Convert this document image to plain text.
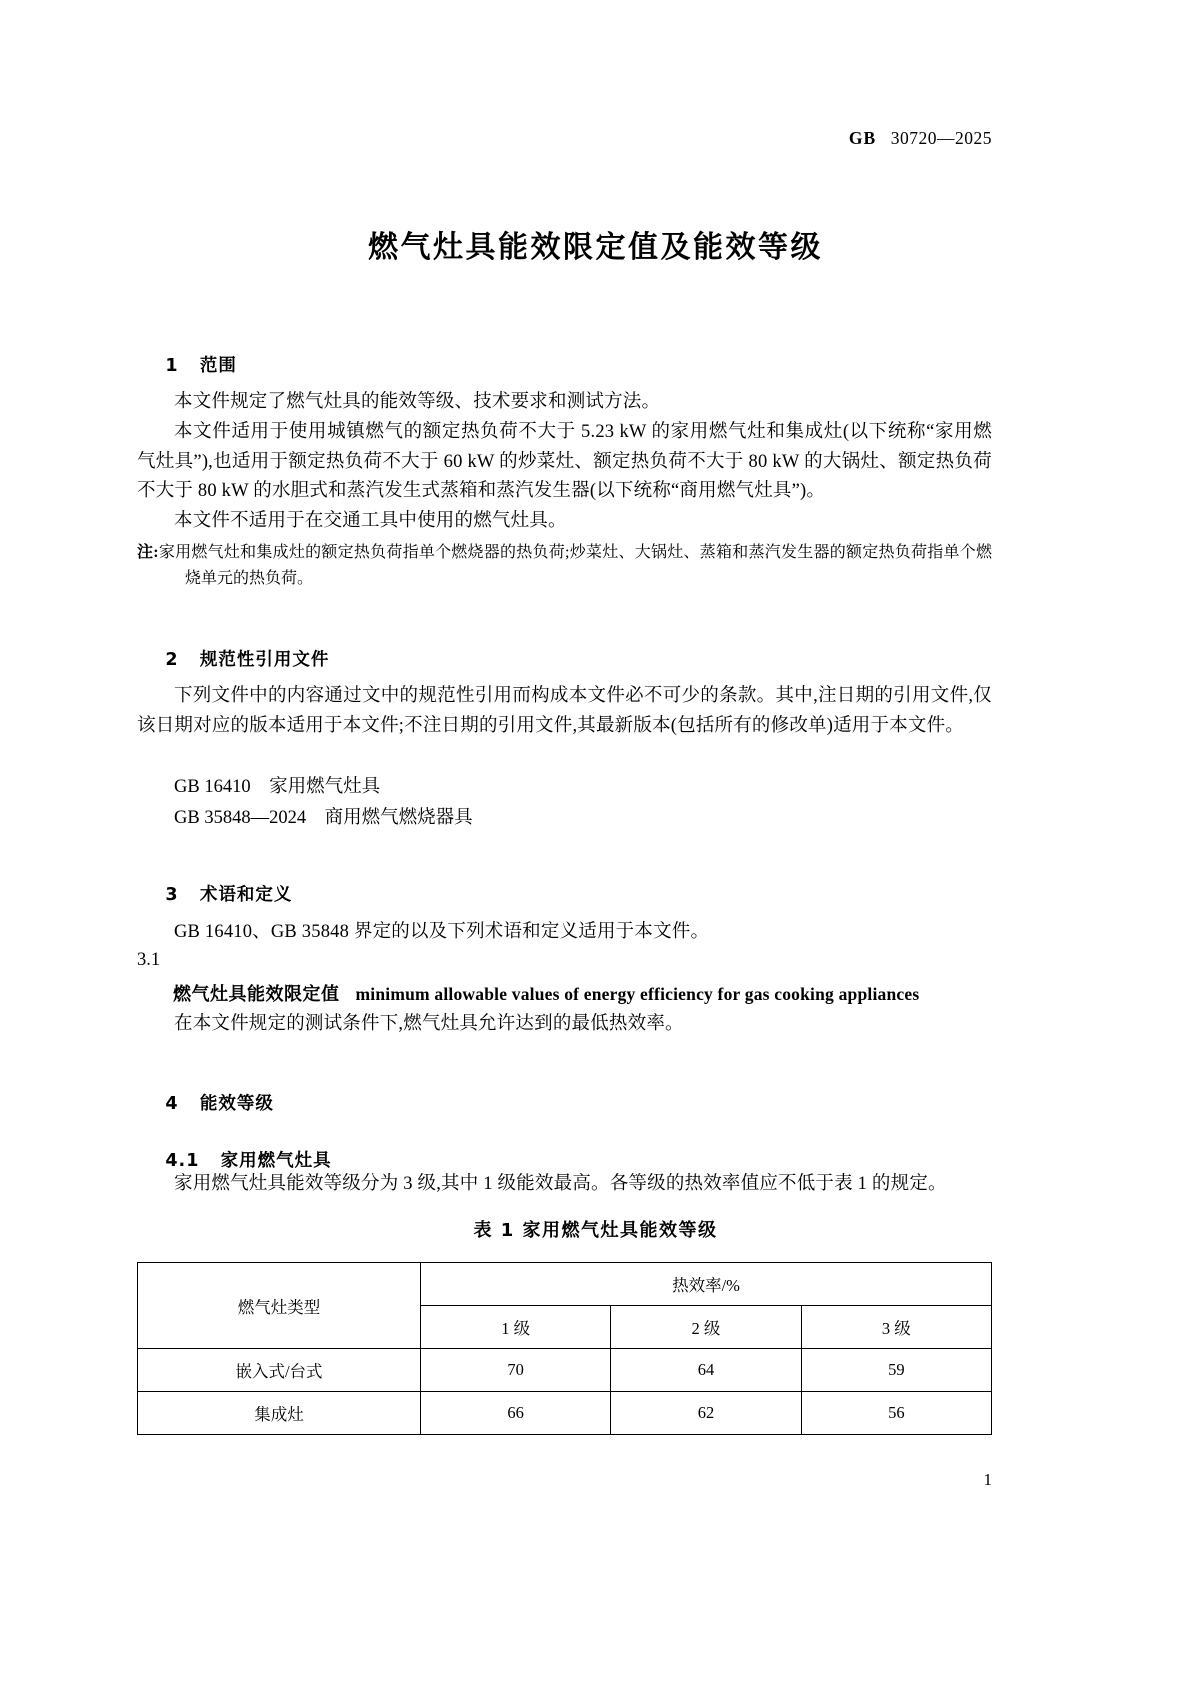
GB 30720—2025
燃气灶具能效限定值及能效等级

1 范围

本文件规定了燃气灶具的能效等级、技术要求和测试方法。
本文件适用于使用城镇燃气的额定热负荷不大于 5.23 kW 的家用燃气灶和集成灶(以下统称“家用燃气灶具”),也适用于额定热负荷不大于 60 kW 的炒菜灶、额定热负荷不大于 80 kW 的大锅灶、额定热负荷不大于 80 kW 的水胆式和蒸汽发生式蒸箱和蒸汽发生器(以下统称“商用燃气灶具”)。
本文件不适用于在交通工具中使用的燃气灶具。
注:家用燃气灶和集成灶的额定热负荷指单个燃烧器的热负荷;炒菜灶、大锅灶、蒸箱和蒸汽发生器的额定热负荷指单个燃烧单元的热负荷。

2 规范性引用文件

下列文件中的内容通过文中的规范性引用而构成本文件必不可少的条款。其中,注日期的引用文件,仅该日期对应的版本适用于本文件;不注日期的引用文件,其最新版本(包括所有的修改单)适用于本文件。
GB 16410    家用燃气灶具
GB 35848—2024    商用燃气燃烧器具

3 术语和定义

GB 16410、GB 35848 界定的以及下列术语和定义适用于本文件。
3.1
燃气灶具能效限定值 minimum allowable values of energy efficiency for gas cooking appliances
在本文件规定的测试条件下,燃气灶具允许达到的最低热效率。

4 能效等级

4.1 家用燃气灶具

家用燃气灶具能效等级分为 3 级,其中 1 级能效最高。各等级的热效率值应不低于表 1 的规定。
表 1 家用燃气灶具能效等级
燃气灶类型	热效率/%		
	1 级	2 级	3 级
嵌入式/台式	70	64	59
集成灶	66	62	56
1
